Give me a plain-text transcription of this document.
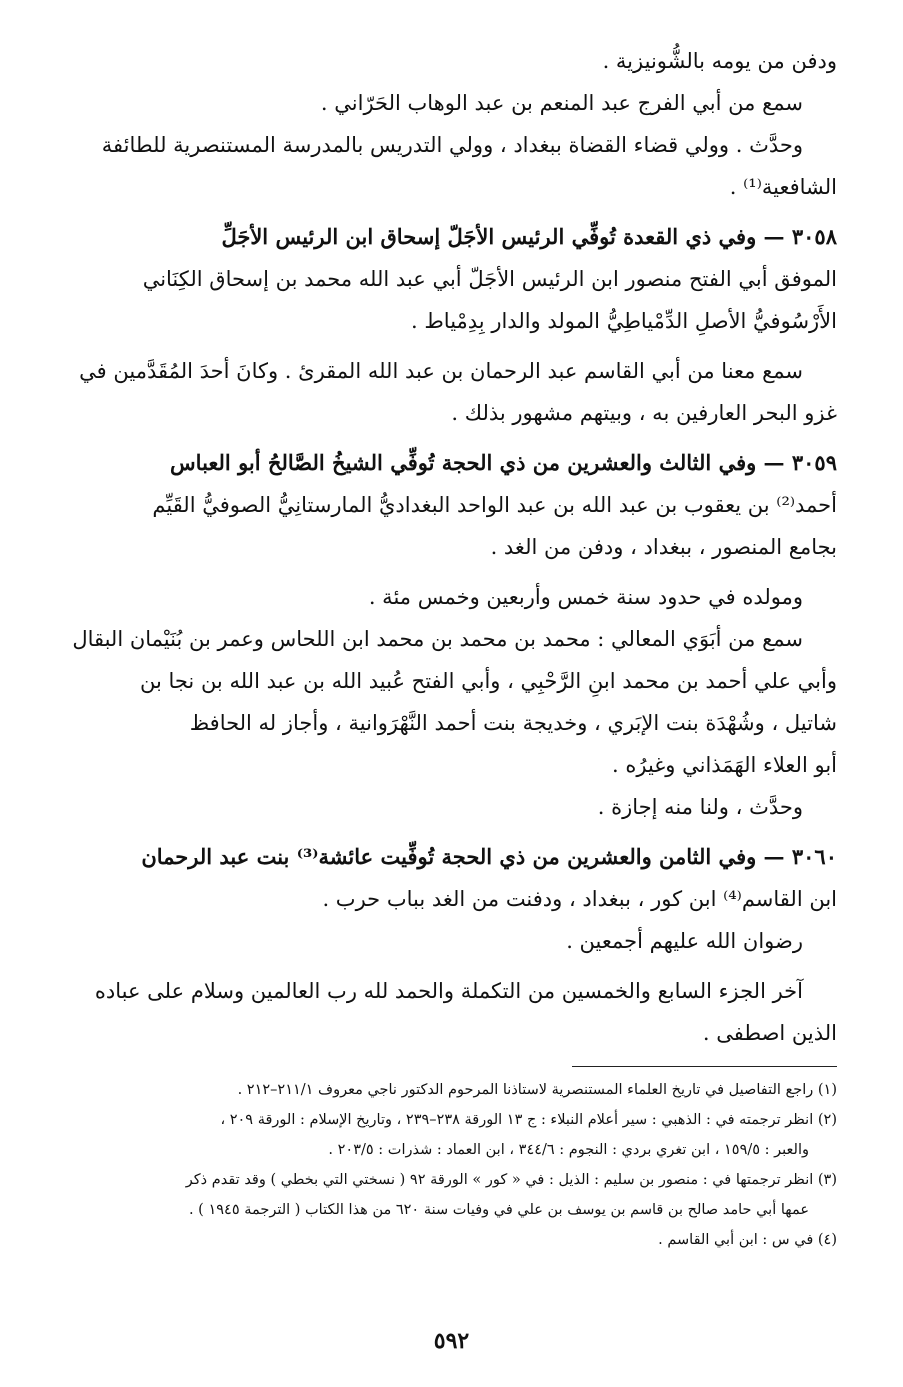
ودفن من يومه بالشُّونيزية .
سمع من أبي الفرج عبد المنعم بن عبد الوهاب الحَرّاني .
وحدَّث . وولي قضاء القضاة ببغداد ، وولي التدريس بالمدرسة المستنصرية للطائفة
الشافعية⁽¹⁾ .
٣٠٥٨ — وفي ذي القعدة تُوفِّي الرئيس الأجَلّ إسحاق ابن الرئيس الأجَلِّ
الموفق أبي الفتح منصور ابن الرئيس الأجَلّ أبي عبد الله محمد بن إسحاق الكِنَاني
الأَرْسُوفيُّ الأصلِ الدِّمْياطِيُّ المولد والدار بِدِمْياط .
سمع معنا من أبي القاسم عبد الرحمان بن عبد الله المقرئ . وكانَ أحدَ المُقَدَّمين في
غزو البحر العارفين به ، وبيتهم مشهور بذلك .
٣٠٥٩ — وفي الثالث والعشرين من ذي الحجة تُوفِّي الشيخُ الصَّالحُ أبو العباس
أحمد⁽²⁾ بن يعقوب بن عبد الله بن عبد الواحد البغداديُّ المارستانِيُّ الصوفيُّ القَيِّم
بجامع المنصور ، ببغداد ، ودفن من الغد .
ومولده في حدود سنة خمس وأربعين وخمس مئة .
سمع من أبَوَي المعالي : محمد بن محمد بن محمد ابن اللحاس وعمر بن بُنَيْمان البقال
وأبي علي أحمد بن محمد ابنِ الرَّحْبِي ، وأبي الفتح عُبيد الله بن عبد الله بن نجا بن
شاتيل ، وشُهْدَة بنت الإبَري ، وخديجة بنت أحمد النَّهْرَوانية ، وأجاز له الحافظ
أبو العلاء الهَمَذاني وغيرُه .
وحدَّث ، ولنا منه إجازة .
٣٠٦٠ — وفي الثامن والعشرين من ذي الحجة تُوفِّيت عائشة⁽³⁾ بنت عبد الرحمان
ابن القاسم⁽⁴⁾ ابن كور ، ببغداد ، ودفنت من الغد بباب حرب .
رضوان الله عليهم أجمعين .
آخر الجزء السابع والخمسين من التكملة والحمد لله رب العالمين وسلام على عباده
الذين اصطفى .
(١) راجع التفاصيل في تاريخ العلماء المستنصرية لاستاذنا المرحوم الدكتور ناجي معروف ٢١١/١–٢١٢ .
(٢) انظر ترجمته في : الذهبي : سير أعلام النبلاء : ج ١٣ الورقة ٢٣٨–٢٣٩ ، وتاريخ الإسلام : الورقة ٢٠٩ ،
والعبر : ١٥٩/٥ ، ابن تغري بردي : النجوم : ٣٤٤/٦ ، ابن العماد : شذرات : ٢٠٣/٥ .
(٣) انظر ترجمتها في : منصور بن سليم : الذيل : في « كور » الورقة ٩٢ ( نسختي التي بخطي ) وقد تقدم ذكر
عمها أبي حامد صالح بن قاسم بن يوسف بن علي في وفيات سنة ٦٢٠ من هذا الكتاب ( الترجمة ١٩٤٥ ) .
(٤) في س : ابن أبي القاسم .
٥٩٢
